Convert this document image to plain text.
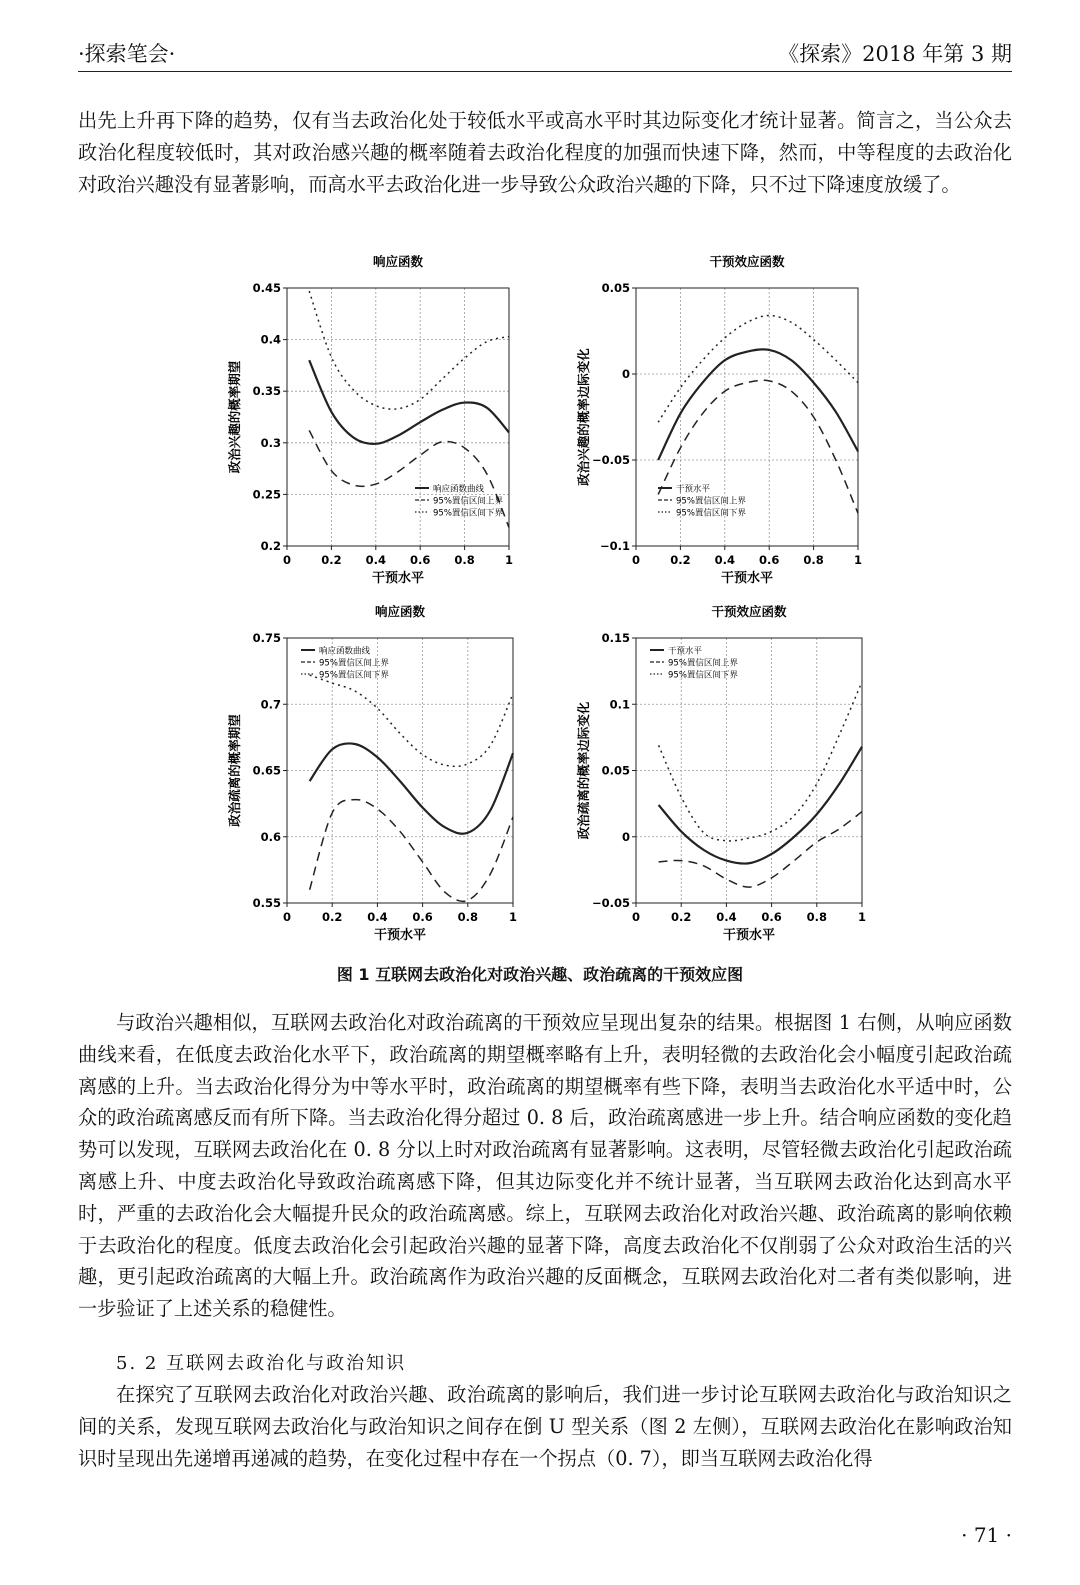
·探索笔会·	《探索》2018 年第 3 期
出先上升再下降的趋势，仅有当去政治化处于较低水平或高水平时其边际变化才统计显著。简言之，当公众去政治化程度较低时，其对政治感兴趣的概率随着去政治化程度的加强而快速下降，然而，中等程度的去政治化对政治兴趣没有显著影响，而高水平去政治化进一步导致公众政治兴趣的下降，只不过下降速度放缓了。
0	0.2 0.4 0.6 0.8	1
0.2
0.25
0.3
0.35
0.4
0.45
响应函数
干预水平
政治兴趣的概率期望
响应函数曲线
95%置信区间上界
95%置信区间下界
0	0.2 0.4 0.6 0.8	1
−0.1
−0.05
0
0.05
干预效应函数
干预水平
政治兴趣的概率边际变化
干预水平
95%置信区间上界
95%置信区间下界
0	0.2 0.4 0.6 0.8	1
0.55
0.6
0.65
0.7
0.75
响应函数
干预水平
政治疏离的概率期望
响应函数曲线
95%置信区间上界
95%置信区间下界
0	0.2 0.4 0.6 0.8	1
−0.05
0
0.05
0.1
0.15
干预效应函数
干预水平
政治疏离的概率边际变化
干预水平
95%置信区间上界
95%置信区间下界
图 1 互联网去政治化对政治兴趣、政治疏离的干预效应图
与政治兴趣相似，互联网去政治化对政治疏离的干预效应呈现出复杂的结果。根据图 1 右侧，从响应函数曲线来看，在低度去政治化水平下，政治疏离的期望概率略有上升，表明轻微的去政治化会小幅度引起政治疏离感的上升。当去政治化得分为中等水平时，政治疏离的期望概率有些下降，表明当去政治化水平适中时，公众的政治疏离感反而有所下降。当去政治化得分超过 0. 8 后，政治疏离感进一步上升。结合响应函数的变化趋势可以发现，互联网去政治化在 0. 8 分以上时对政治疏离有显著影响。这表明，尽管轻微去政治化引起政治疏离感上升、中度去政治化导致政治疏离感下降，但其边际变化并不统计显著，当互联网去政治化达到高水平时，严重的去政治化会大幅提升民众的政治疏离感。综上，互联网去政治化对政治兴趣、政治疏离的影响依赖于去政治化的程度。低度去政治化会引起政治兴趣的显著下降，高度去政治化不仅削弱了公众对政治生活的兴趣，更引起政治疏离的大幅上升。政治疏离作为政治兴趣的反面概念，互联网去政治化对二者有类似影响，进一步验证了上述关系的稳健性。
5. 2 互联网去政治化与政治知识
在探究了互联网去政治化对政治兴趣、政治疏离的影响后，我们进一步讨论互联网去政治化与政治知识之间的关系，发现互联网去政治化与政治知识之间存在倒 U 型关系（图 2 左侧），互联网去政治化在影响政治知识时呈现出先递增再递减的趋势，在变化过程中存在一个拐点（0. 7），即当互联网去政治化得
· 71 ·
